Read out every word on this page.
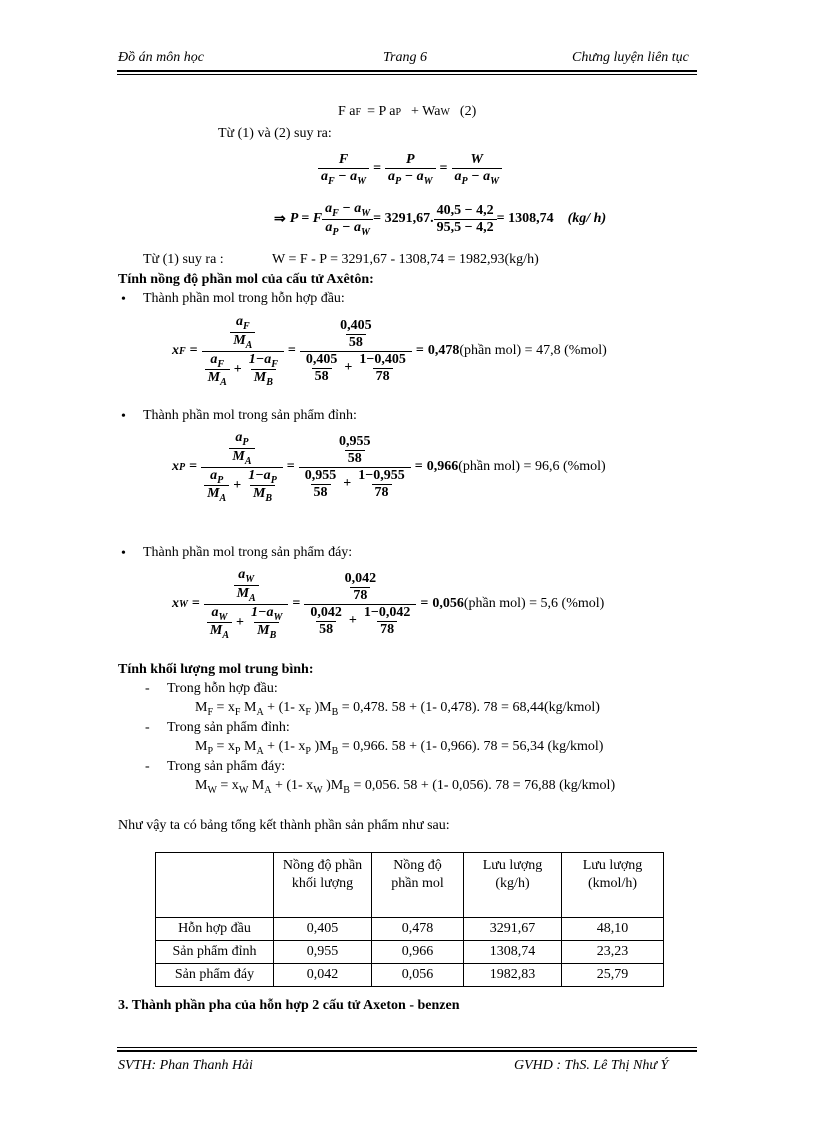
Đồ án môn học	Trang 6	Chưng luyện liên tục
F a F = P a P + Wa W (2)
Từ (1) và (2) suy ra:
$\frac{F}{a_F - a_W} = \frac{P}{a_P - a_W} = \frac{W}{a_P - a_W}$
⇒ P = F $\frac{a_F - a_W}{a_P - a_W} = 3291,67$. $\frac{40,5 - 4,2}{95,5 - 4,2} = 1308,74$	(kg/ h)
Từ (1) suy ra :	W = F - P = 3291,67 - 1308,74 = 1982,93(kg/h)
Tính nồng độ phần mol của cấu tử Axêtôn:
• Thành phần mol trong hỗn hợp đầu:
x $F = \frac{\frac{a_F}{M_A}}{\frac{a_F}{M_A} + \frac{1-a_F}{M_B}} = \frac{\frac{0,405}{58}}{\frac{0,405}{58} + \frac{1-0,405}{78}} = 0,478$ (phần mol) = 47,8 (%mol)
• Thành phần mol trong sản phẩm đỉnh:
x $P = \frac{\frac{a_P}{M_A}}{\frac{a_P}{M_A} + \frac{1-a_P}{M_B}} = \frac{\frac{0,955}{58}}{\frac{0,955}{58} + \frac{1-0,955}{78}} = 0,966$ (phần mol) = 96,6 (%mol)
• Thành phần mol trong sản phẩm đáy:
x $W = \frac{\frac{a_W}{M_A}}{\frac{a_W}{M_A} + \frac{1-a_W}{M_B}} = \frac{\frac{0,042}{78}}{\frac{0,042}{58} + \frac{1-0,042}{78}} = 0,056$ (phần mol) = 5,6 (%mol)
Tính khối lượng mol trung bình:
- Trong hỗn hợp đầu:
$M_F = x_F$ $M_A + (1-$ $x_F$ )$M_B = 0,478$. 58 + (1- 0,478). 78 = 68,44(kg/kmol)
- Trong sản phẩm đỉnh:
$M_P = x_P$ $M_A + (1-$ $x_P$ )$M_B = 0,966$. 58 + (1- 0,966). 78 = 56,34 (kg/kmol)
- Trong sản phẩm đáy:
$M_W = x_W$ $M_A + (1-$ $x_W$ )$M_B = 0,056$. 58 + (1- 0,056). 78 = 76,88 (kg/kmol)
Như vậy ta có bảng tổng kết thành phần sản phẩm như sau:
	Nồng độ phần khối lượng	Nồng độ phần mol	Lưu lượng (kg/h)	Lưu lượng (kmol/h)
Hỗn hợp đầu	0,405	0,478	3291,67	48,10
Sản phẩm đỉnh	0,955	0,966	1308,74	23,23
Sản phẩm đáy	0,042	0,056	1982,83	25,79
3. Thành phần pha của hỗn hợp 2 cấu tử Axeton - benzen
SVTH: Phan Thanh Hải	GVHD : ThS. Lê Thị Như Ý
